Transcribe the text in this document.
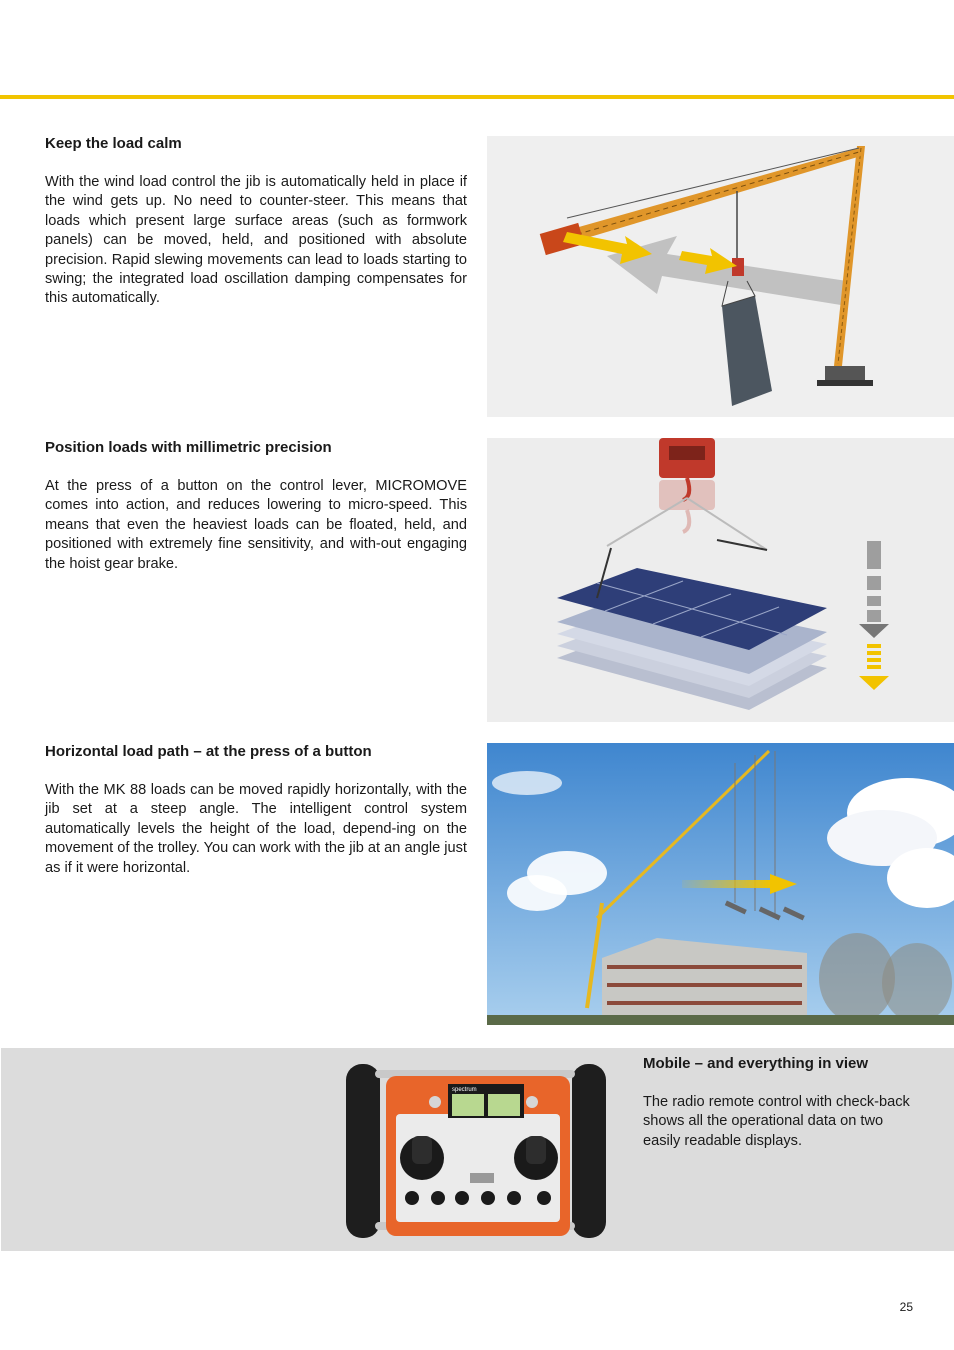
Keep the load calm

With the wind load control the jib is automatically held in place if the wind gets up. No need to counter-steer. This means that loads which present large surface areas (such as formwork panels) can be moved, held, and positioned with absolute precision. Rapid slewing movements can lead to loads starting to swing; the integrated load oscillation damping compensates for this automatically.

Position loads with millimetric precision

At the press of a button on the control lever, MICROMOVE comes into action, and reduces lowering to micro-speed. This means that even the heaviest loads can be floated, held, and positioned with extremely fine sensitivity, and with-out engaging the hoist gear brake.

Horizontal load path – at the press of a button

With the MK 88 loads can be moved rapidly horizontally, with the jib set at a steep angle. The intelligent control system automatically levels the height of the load, depend-ing on the movement of the trolley. You can work with the jib at an angle just as if it were horizontal.

spectrum
Mobile – and everything in view

The radio remote control with check-back shows all the operational data on two easily readable displays.

25
